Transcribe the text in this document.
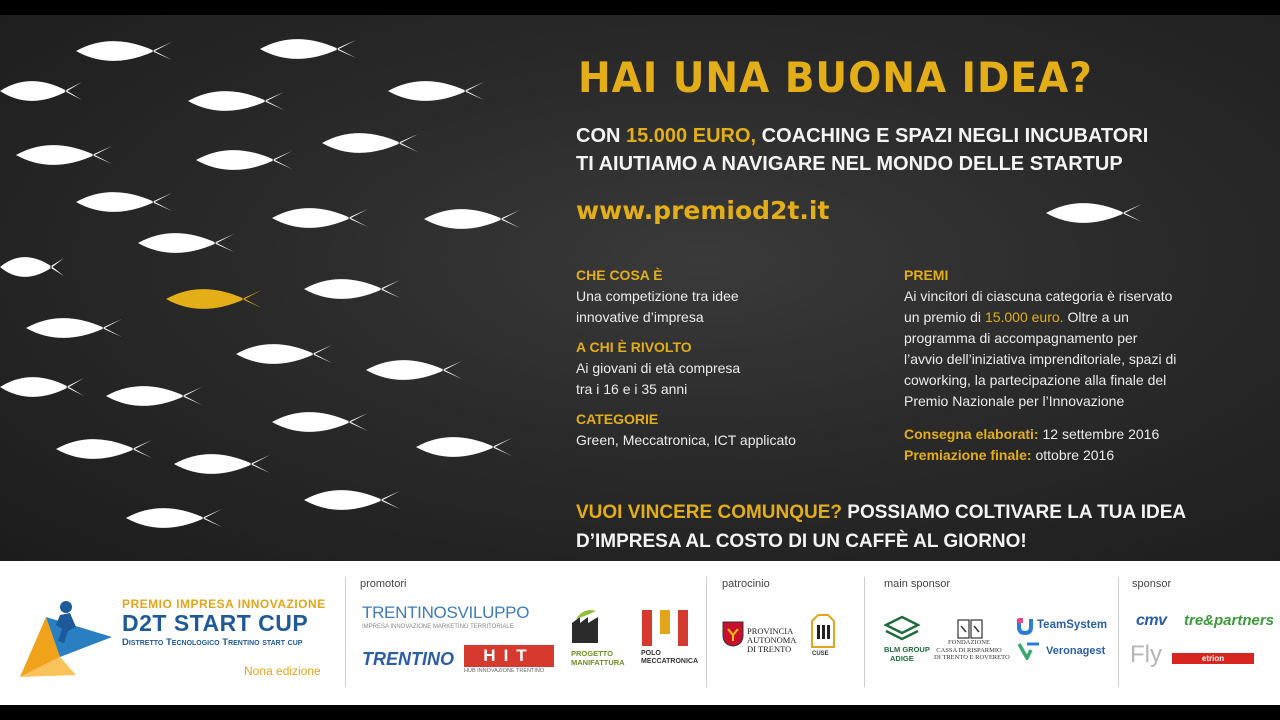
HAI UNA BUONA IDEA?
CON 15.000 EURO, COACHING E SPAZI NEGLI INCUBATORI
TI AIUTIAMO A NAVIGARE NEL MONDO DELLE STARTUP
www.premiod2t.it

CHE COSA È

Una competizione tra idee

innovative d’impresa

A CHI È RIVOLTO

Ai giovani di età compresa

tra i 16 e i 35 anni

CATEGORIE

Green, Meccatronica, ICT applicato

PREMI

Ai vincitori di ciascuna categoria è riservato

un premio di 15.000 euro. Oltre a un

programma di accompagnamento per

l’avvio dell’iniziativa imprenditoriale, spazi di

coworking, la partecipazione alla finale del

Premio Nazionale per l’Innovazione

Consegna elaborati: 12 settembre 2016

Premiazione finale: ottobre 2016

VUOI VINCERE COMUNQUE? POSSIAMO COLTIVARE LA TUA IDEA
D’IMPRESA AL COSTO DI UN CAFFÈ AL GIORNO!
PREMIO IMPRESA INNOVAZIONE
D2T START CUP
Distretto Tecnologico Trentino start cup
Nona edizione
promotori
TRENTINOSVILUPPO
IMPRESA INNOVAZIONE MARKETING TERRITORIALE
TRENTINO	HIT
HUB INNOVAZIONE TRENTINO
PROGETTO
MANIFATTURA
POLO
MECCATRONICA
patrocinio
PROVINCIA
AUTONOMA
DI TRENTO	CUSE
main sponsor
BLM GROUP
ADIGE
FONDAZIONE
CASSA DI RISPARMIO
DI TRENTO E ROVERETO
TeamSystem
Veronagest
sponsor
cmv tre&partners
Fly	etrion
